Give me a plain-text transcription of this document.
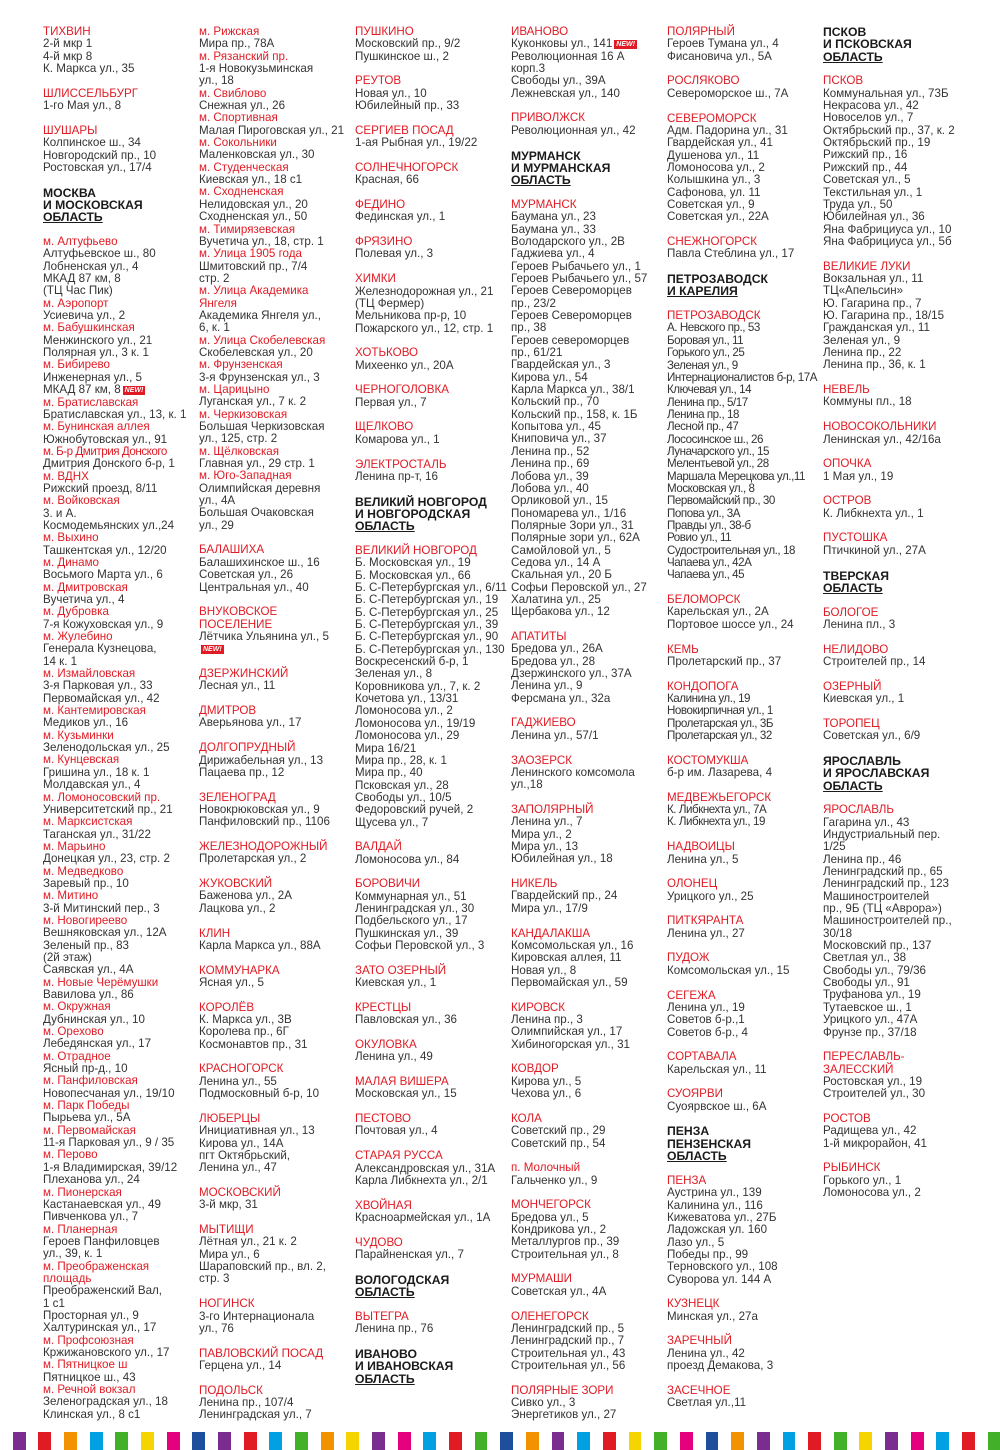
ТИХВИН
2-й мкр 1
4-й мкр 8
К. Маркса ул., 35
ШЛИССЕЛЬБУРГ
1-го Мая ул., 8
ШУШАРЫ
Колпинское ш., 34
Новгородский пр., 10
Ростовская ул., 17/4
МОСКВА
И МОСКОВСКАЯ
ОБЛАСТЬ
м. Алтуфьево
Алтуфьевское ш., 80
Лобненская ул., 4
МКАД 87 км, 8
(ТЦ Час Пик)
м. Аэропорт
Усиевича ул., 2
м. Бабушкинская
Менжинского ул., 21
Полярная ул., 3 к. 1
м. Бибирево
Инженерная ул., 5
МКАД 87 км, 8 NEW!
м. Братиславская
Братиславская ул., 13, к. 1
м. Бунинская аллея
Южнобутовская ул., 91
м. Б-р Дмитрия Донского
Дмитрия Донского б-р, 1
м. ВДНХ
Рижский проезд, 8/11
м. Войковская
3. и А.
Космодемьянских ул.,24
м. Выхино
Ташкентская ул., 12/20
м. Динамо
Восьмого Марта ул., 6
м. Дмитровская
Вучетича ул., 4
м. Дубровка
7-я Кожуховская ул., 9
м. Жулебино
Генерала Кузнецова,
14 к. 1
м. Измайловская
3-я Парковая ул., 33
Первомайская ул., 42
м. Кантемировская
Медиков ул., 16
м. Кузьминки
Зеленодольская ул., 25
м. Кунцевская
Гришина ул., 18 к. 1
Молдавская ул., 4
м. Ломоносовский пр.
Университетский пр., 21
м. Марксистская
Таганская ул., 31/22
м. Марьино
Донецкая ул., 23, стр. 2
м. Медведково
Заревый пр., 10
м. Митино
3-й Митинский пер., 3
м. Новогиреево
Вешняковская ул., 12А
Зеленый пр., 83
(2й этаж)
Саявская ул., 4А
м. Новые Черёмушки
Вавилова ул., 86
м. Окружная
Дубнинская ул., 10
м. Орехово
Лебедянская ул., 17
м. Отрадное
Ясный пр-д., 10
м. Панфиловская
Новопесчаная ул., 19/10
м. Парк Победы
Пырьева ул., 5А
м. Первомайская
11-я Парковая ул., 9 / 35
м. Перово
1-я Владимирская, 39/12
Плеханова ул., 24
м. Пионерская
Кастанаевская ул., 49
Пивченкова ул., 7
м. Планерная
Героев Панфиловцев
ул., 39, к. 1
м. Преображенская
площадь
Преображенский Вал,
1 с1
Просторная ул., 9
Халтуринская ул., 17
м. Профсоюзная
Кржижановского ул., 17
м. Пятницкое ш
Пятницкое ш., 43
м. Речной вокзал
Зеленоградская ул., 18
Клинская ул., 8 с1
м. Рижская
Мира пр., 78А
м. Рязанский пр.
1-я Новокузьминская
ул., 18
м. Свиблово
Снежная ул., 26
м. Спортивная
Малая Пироговская ул., 21
м. Сокольники
Маленковская ул., 30
м. Студенческая
Киевская ул., 18 с1
м. Сходненская
Нелидовская ул., 20
Сходненская ул., 50
м. Тимирязевская
Вучетича ул., 18, стр. 1
м. Улица 1905 года
Шмитовский пр., 7/4
стр. 2
м. Улица Академика
Янгеля
Академика Янгеля ул.,
6, к. 1
м. Улица Скобелевская
Скобелевская ул., 20
м. Фрунзенская
3-я Фрунзенская ул., 3
м. Царицыно
Луганская ул., 7 к. 2
м. Черкизовская
Большая Черкизовская
ул., 125, стр. 2
м. Щёлковская
Главная ул., 29 стр. 1
м. Юго-Западная
Олимпийская деревня
ул., 4А
Большая Очаковская
ул., 29
БАЛАШИХА
Балашихинское ш., 16
Советская ул., 26
Центральная ул., 40
ВНУКОВСКОЕ
ПОСЕЛЕНИЕ
Лётчика Ульянина ул., 5
NEW!
ДЗЕРЖИНСКИЙ
Лесная ул., 11
ДМИТРОВ
Аверьянова ул., 17
ДОЛГОПРУДНЫЙ
Дирижабельная ул., 13
Пацаева пр., 12
ЗЕЛЕНОГРАД
Новокрюковская ул., 9
Панфиловский пр., 1106
ЖЕЛЕЗНОДОРОЖНЫЙ
Пролетарская ул., 2
ЖУКОВСКИЙ
Баженова ул., 2А
Лацкова ул., 2
КЛИН
Карла Маркса ул., 88А
КОММУНАРКА
Ясная ул., 5
КОРОЛЁВ
К. Маркса ул., 3В
Королева пр., 6Г
Космонавтов пр., 31
КРАСНОГОРСК
Ленина ул., 55
Подмосковный б-р, 10
ЛЮБЕРЦЫ
Инициативная ул., 13
Кирова ул., 14А
пгт Октябрьский,
Ленина ул., 47
МОСКОВСКИЙ
3-й мкр, 31
МЫТИЩИ
Лётная ул., 21 к. 2
Мира ул., 6
Шараповский пр., вл. 2,
стр. 3
НОГИНСК
3-го Интернационала
ул., 76
ПАВЛОВСКИЙ ПОСАД
Герцена ул., 14
ПОДОЛЬСК
Ленина пр., 107/4
Ленинградская ул., 7
ПУШКИНО
Московский пр., 9/2
Пушкинское ш., 2
РЕУТОВ
Новая ул., 10
Юбилейный пр., 33
СЕРГИЕВ ПОСАД
1-ая Рыбная ул., 19/22
СОЛНЕЧНОГОРСК
Красная, 66
ФЕДИНО
Фединская ул., 1
ФРЯЗИНО
Полевая ул., 3
ХИМКИ
Железнодорожная ул., 21
(ТЦ Фермер)
Мельникова пр-р, 10
Пожарского ул., 12, стр. 1
ХОТЬКОВО
Михеенко ул., 20А
ЧЕРНОГОЛОВКА
Первая ул., 7
ЩЕЛКОВО
Комарова ул., 1
ЭЛЕКТРОСТАЛЬ
Ленина пр-т, 16
ВЕЛИКИЙ НОВГОРОД
И НОВГОРОДСКАЯ
ОБЛАСТЬ
ВЕЛИКИЙ НОВГОРОД
Б. Московская ул., 19
Б. Московская ул., 66
Б. С-Петербургская ул., 6/11
Б. С-Петербургская ул., 19
Б. С-Петербургская ул., 25
Б. С-Петербургская ул., 39
Б. С-Петербургская ул., 90
Б. С-Петербургская ул., 130
Воскресенский б-р, 1
Зеленая ул., 8
Коровникова ул., 7, к. 2
Кочетова ул., 13/31
Ломоносова ул., 2
Ломоносова ул., 19/19
Ломоносова ул., 29
Мира 16/21
Мира пр., 28, к. 1
Мира пр., 40
Псковская ул., 28
Свободы ул., 10/5
Федоровский ручей, 2
Щусева ул., 7
ВАЛДАЙ
Ломоносова ул., 84
БОРОВИЧИ
Коммунарная ул., 51
Ленинградская ул., 30
Подбельского ул., 17
Пушкинская ул., 39
Софьи Перовской ул., 3
ЗАТО ОЗЕРНЫЙ
Киевская ул., 1
КРЕСТЦЫ
Павловская ул., 36
ОКУЛОВКА
Ленина ул., 49
МАЛАЯ ВИШЕРА
Московская ул., 15
ПЕСТОВО
Почтовая ул., 4
СТАРАЯ РУССА
Александровская ул., 31А
Карла Либкнехта ул., 2/1
ХВОЙНАЯ
Красноармейская ул., 1А
ЧУДОВО
Парайненская ул., 7
ВОЛОГОДСКАЯ
ОБЛАСТЬ
ВЫТЕГРА
Ленина пр., 76
ИВАНОВО
И ИВАНОВСКАЯ
ОБЛАСТЬ
ИВАНОВО
Куконковы ул., 141 NEW!
Революционная 16 А
корп.3
Свободы ул., 39А
Лежневская ул., 140
ПРИВОЛЖСК
Революционная ул., 42
МУРМАНСК
И МУРМАНСКАЯ
ОБЛАСТЬ
МУРМАНСК
Баумана ул., 23
Баумана ул., 33
Володарского ул., 2В
Гаджиева ул., 4
Героев Рыбачьего ул., 1
Героев Рыбачьего ул., 57
Героев Североморцев
пр., 23/2
Героев Североморцев
пр., 38
Героев североморцев
пр., 61/21
Гвардейская ул., 3
Кирова ул., 54
Карла Маркса ул., 38/1
Кольский пр., 70
Кольский пр., 158, к. 1Б
Копытова ул., 45
Книповича ул., 37
Ленина пр., 52
Ленина пр., 69
Лобова ул., 39
Лобова ул., 40
Орликовой ул., 15
Пономарева ул., 1/16
Полярные Зори ул., 31
Полярные зори ул., 62А
Самойловой ул., 5
Седова ул., 14 А
Скальная ул., 20 Б
Софьи Перовской ул., 27
Халатина ул., 25
Щербакова ул., 12
АПАТИТЫ
Бредова ул., 26А
Бредова ул., 28
Дзержинского ул., 37А
Ленина ул., 9
Ферсмана ул., 32а
ГАДЖИЕВО
Ленина ул., 57/1
ЗАОЗЕРСК
Ленинского комсомола
ул.,18
ЗАПОЛЯРНЫЙ
Ленина ул., 7
Мира ул., 2
Мира ул., 13
Юбилейная ул., 18
НИКЕЛЬ
Гвардейский пр., 24
Мира ул., 17/9
КАНДАЛАКША
Комсомольская ул., 16
Кировская аллея, 11
Новая ул., 8
Первомайская ул., 59
КИРОВСК
Ленина пр., 3
Олимпийская ул., 17
Хибиногорская ул., 31
КОВДОР
Кирова ул., 5
Чехова ул., 6
КОЛА
Советский пр., 29
Советский пр., 54
п. Молочный
Гальченко ул., 9
МОНЧЕГОРСК
Бредова ул., 5
Кондрикова ул., 2
Металлургов пр., 39
Строительная ул., 8
МУРМАШИ
Советская ул., 4А
ОЛЕНЕГОРСК
Ленинградский пр., 5
Ленинградский пр., 7
Строительная ул., 43
Строительная ул., 56
ПОЛЯРНЫЕ ЗОРИ
Сивко ул., 3
Энергетиков ул., 27
ПОЛЯРНЫЙ
Героев Тумана ул., 4
Фисановича ул., 5А
РОСЛЯКОВО
Североморское ш., 7А
СЕВЕРОМОРСК
Адм. Падорина ул., 31
Гвардейская ул., 41
Душенова ул., 11
Ломоносова ул., 2
Колышкина ул., 3
Сафонова, ул. 11
Советская ул., 9
Советская ул., 22А
СНЕЖНОГОРСК
Павла Стеблина ул., 17
ПЕТРОЗАВОДСК
И КАРЕЛИЯ
ПЕТРОЗАВОДСК
А. Невского пр., 53
Боровая ул., 11
Горького ул., 25
Зеленая ул., 9
Интернационалистов б-р, 17А
Ключевая ул., 14
Ленина пр., 5/17
Ленина пр., 18
Лесной пр., 47
Лососинское ш., 26
Луначарского ул., 15
Мелентьевой ул., 28
Маршала Мерецкова ул.,11
Московская ул., 8
Первомайский пр., 30
Попова ул., 3А
Правды ул., 38-б
Ровио ул., 11
Судостроительная ул., 18
Чапаева ул., 42А
Чапаева ул., 45
БЕЛОМОРСК
Карельская ул., 2А
Портовое шоссе ул., 24
КЕМЬ
Пролетарский пр., 37
КОНДОПОГА
Калинина ул., 19
Новокирпичная ул., 1
Пролетарская ул., 3Б
Пролетарская ул., 32
КОСТОМУКША
б-р им. Лазарева, 4
МЕДВЕЖЬЕГОРСК
К. Либкнехта ул., 7А
К. Либкнехта ул., 19
НАДВОИЦЫ
Ленина ул., 5
ОЛОНЕЦ
Урицкого ул., 25
ПИТКЯРАНТА
Ленина ул., 27
ПУДОЖ
Комсомольская ул., 15
СЕГЕЖА
Ленина ул., 19
Советов б-р.,1
Советов б-р., 4
СОРТАВАЛА
Карельская ул., 11
СУОЯРВИ
Суоярвское ш., 6А
ПЕНЗА
ПЕНЗЕНСКАЯ
ОБЛАСТЬ
ПЕНЗА
Аустрина ул., 139
Калинина ул., 116
Кижеватова ул., 27Б
Ладожская ул. 160
Лазо ул., 5
Победы пр., 99
Терновского ул., 108
Суворова ул. 144 А
КУЗНЕЦК
Минская ул., 27а
ЗАРЕЧНЫЙ
Ленина ул., 42
проезд Демакова, 3
ЗАСЕЧНОЕ
Светлая ул.,11
ПСКОВ
И ПСКОВСКАЯ
ОБЛАСТЬ
ПСКОВ
Коммунальная ул., 73Б
Некрасова ул., 42
Новоселов ул., 7
Октябрьский пр., 37, к. 2
Октябрьский пр., 19
Рижский пр., 16
Рижский пр., 44
Советская ул., 5
Текстильная ул., 1
Труда ул., 50
Юбилейная ул., 36
Яна Фабрициуса ул., 10
Яна Фабрициуса ул., 5б
ВЕЛИКИЕ ЛУКИ
Вокзальная ул., 11
ТЦ«Апельсин»
Ю. Гагарина пр., 7
Ю. Гагарина пр., 18/15
Гражданская ул., 11
Зеленая ул., 9
Ленина пр., 22
Ленина пр., 36, к. 1
НЕВЕЛЬ
Коммуны пл., 18
НОВОСОКОЛЬНИКИ
Ленинская ул., 42/16а
ОПОЧКА
1 Мая ул., 19
ОСТРОВ
К. Либкнехта ул., 1
ПУСТОШКА
Птичкиной ул., 27А
ТВЕРСКАЯ
ОБЛАСТЬ
БОЛОГОЕ
Ленина пл., 3
НЕЛИДОВО
Строителей пр., 14
ОЗЕРНЫЙ
Киевская ул., 1
ТОРОПЕЦ
Советская ул., 6/9
ЯРОСЛАВЛЬ
И ЯРОСЛАВСКАЯ
ОБЛАСТЬ
ЯРОСЛАВЛЬ
Гагарина ул., 43
Индустриальный пер.
1/25
Ленина пр., 46
Ленинградский пр., 65
Ленинградский пр., 123
Машиностроителей
пр., 9Б (ТЦ «Аврора»)
Машиностроителей пр.,
30/18
Московский пр., 137
Светлая ул., 38
Свободы ул., 79/36
Свободы ул., 91
Труфанова ул., 19
Тутаевское ш., 1
Урицкого ул., 47А
Фрунзе пр., 37/18
ПЕРЕСЛАВЛЬ-
ЗАЛЕССКИЙ
Ростовская ул., 19
Строителей ул., 30
РОСТОВ
Радищева ул., 42
1-й микрорайон, 41
РЫБИНСК
Горького ул., 1
Ломоносова ул., 2
